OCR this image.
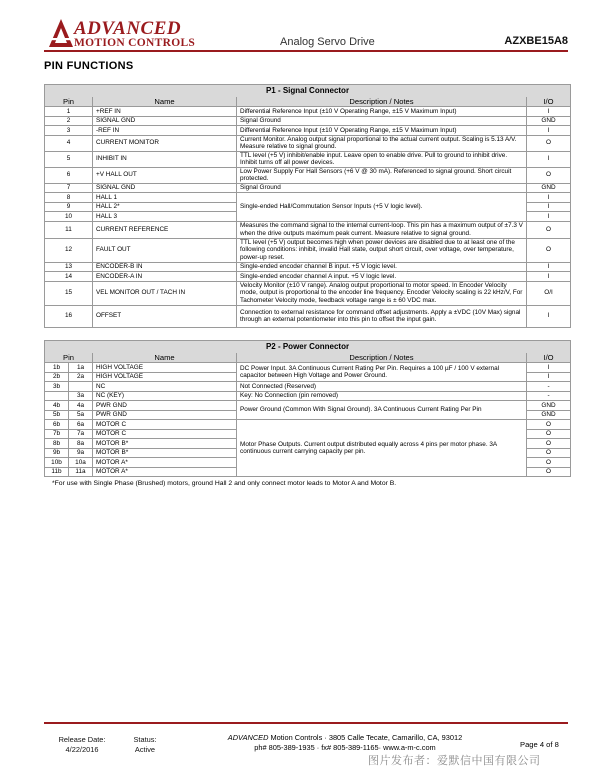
ADVANCED
MOTION CONTROLS	Analog Servo Drive	AZXBE15A8
PIN FUNCTIONS
P1 - Signal Connector			
Pin	Name	Description / Notes	I/O
1	+REF IN	Differential Reference Input (±10 V Operating Range, ±15 V Maximum Input)	I
2	SIGNAL GND	Signal Ground	GND
3	-REF IN	Differential Reference Input (±10 V Operating Range, ±15 V Maximum Input)	I
4	CURRENT MONITOR	Current Monitor. Analog output signal proportional to the actual current output. Scaling is 5.13 A/V. Measure relative to signal ground.	O
5	INHIBIT IN	TTL level (+5 V) inhibit/enable input. Leave open to enable drive. Pull to ground to inhibit drive. Inhibit turns off all power devices.	I
6	+V HALL OUT	Low Power Supply For Hall Sensors (+6 V @ 30 mA). Referenced to signal ground. Short circuit protected.	O
7	SIGNAL GND	Signal Ground	GND
8	HALL 1	Single-ended Hall/Commutation Sensor Inputs (+5 V logic level).	I
9	HALL 2*		I
10	HALL 3		I
11	CURRENT REFERENCE	Measures the command signal to the internal current-loop. This pin has a maximum output of ±7.3 V when the drive outputs maximum peak current. Measure relative to signal ground.	O
12	FAULT OUT	TTL level (+5 V) output becomes high when power devices are disabled due to at least one of the following conditions: inhibit, invalid Hall state, output short circuit, over voltage, over temperature, power-up reset.	O
13	ENCODER-B IN	Single-ended encoder channel B input. +5 V logic level.	I
14	ENCODER-A IN	Single-ended encoder channel A input. +5 V logic level.	I
15	VEL MONITOR OUT / TACH IN	Velocity Monitor (±10 V range). Analog output proportional to motor speed. In Encoder Velocity mode, output is proportional to the encoder line frequency. Encoder Velocity scaling is 22 kHz/V, For Tachometer Velocity mode, feedback voltage range is ± 60 VDC max.	O/I
16	OFFSET	Connection to external resistance for command offset adjustments. Apply a ±VDC (10V Max) signal through an external potentiometer into this pin to offset the input gain.	I
P2 - Power Connector				
Pin		Name	Description / Notes	I/O
1b	1a	HIGH VOLTAGE	DC Power Input. 3A Continuous Current Rating Per Pin. Requires a 100 µF / 100 V external capacitor between High Voltage and Power Ground.	I
2b	2a	HIGH VOLTAGE		I
3b		NC	Not Connected (Reserved)	-
	3a	NC (KEY)	Key: No Connection (pin removed)	-
4b	4a	PWR GND	Power Ground (Common With Signal Ground). 3A Continuous Current Rating Per Pin	GND
5b	5a	PWR GND		GND
6b	6a	MOTOR C	Motor Phase Outputs. Current output distributed equally across 4 pins per motor phase. 3A continuous current carrying capacity per pin.	O
7b	7a	MOTOR C		O
8b	8a	MOTOR B*		O
9b	9a	MOTOR B*		O
10b	10a	MOTOR A*		O
11b	11a	MOTOR A*		O
*For use with Single Phase (Brushed) motors, ground Hall 2 and only connect motor leads to Motor A and Motor B.
Release Date:
4/22/2016
Status:
Active
ADVANCED Motion Controls · 3805 Calle Tecate, Camarillo, CA, 93012
ph# 805-389-1935 · fx# 805-389-1165· www.a-m-c.com	Page 4 of 8
图片发布者：爱默信中国有限公司
